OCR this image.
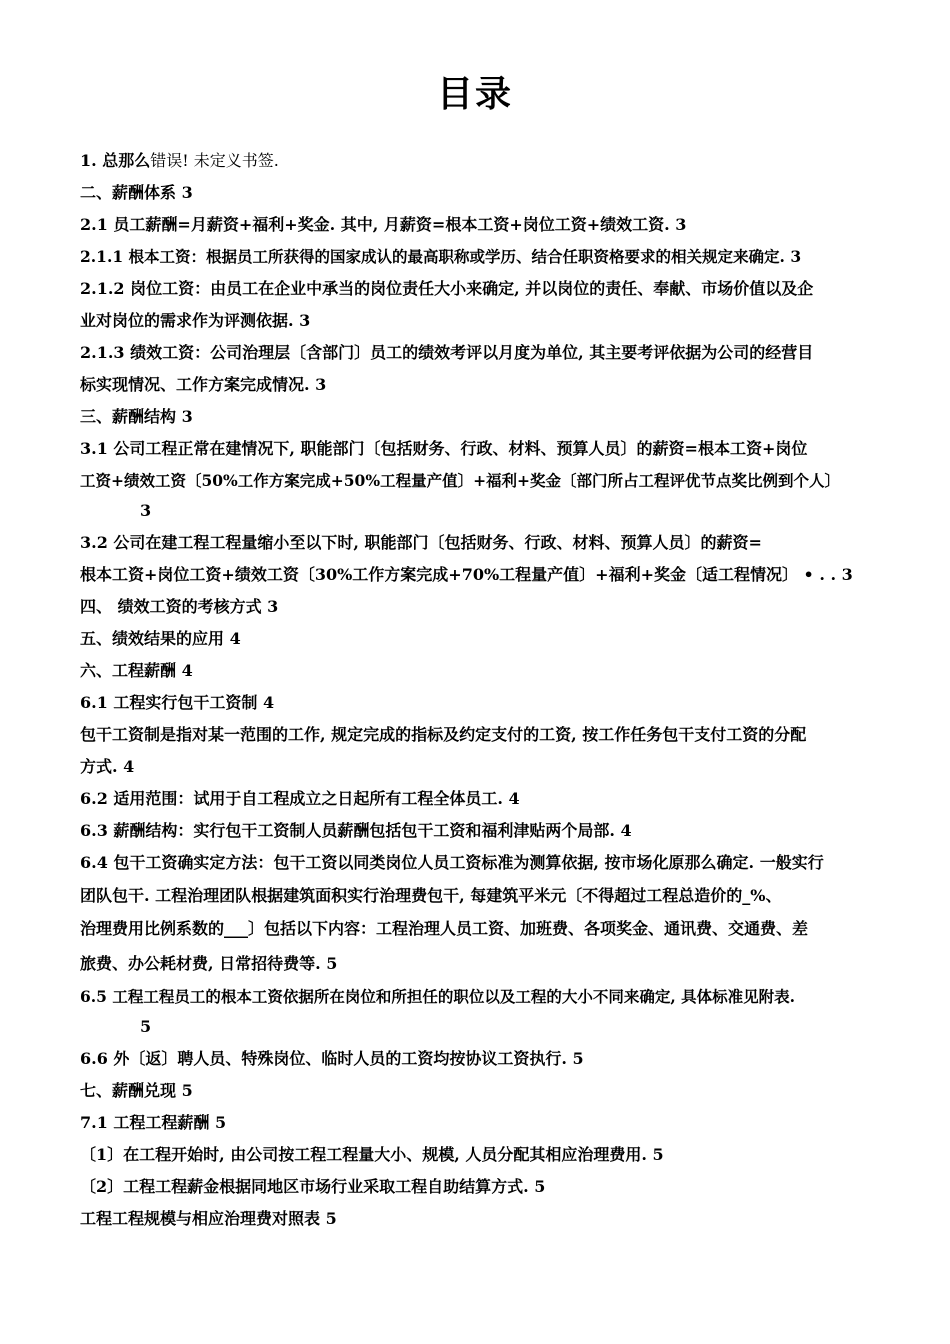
目录
1. 总那么错误! 未定义书签.
二、薪酬体系 3
2.1 员工薪酬=月薪资+福利+奖金. 其中, 月薪资=根本工资+岗位工资+绩效工资. 3
2.1.1 根本工资：根据员工所获得的国家成认的最高职称或学历、结合任职资格要求的相关规定来确定. 3
2.1.2 岗位工资：由员工在企业中承当的岗位责任大小来确定, 并以岗位的责任、奉献、市场价值以及企
业对岗位的需求作为评测依据. 3
2.1.3 绩效工资：公司治理层〔含部门〕员工的绩效考评以月度为单位, 其主要考评依据为公司的经营目
标实现情况、工作方案完成情况. 3
三、薪酬结构 3
3.1 公司工程正常在建情况下, 职能部门〔包括财务、行政、材料、预算人员〕的薪资=根本工资+岗位
工资+绩效工资〔50%工作方案完成+50%工程量产值〕+福利+奖金〔部门所占工程评优节点奖比例到个人〕
3
3.2 公司在建工程工程量缩小至以下时, 职能部门〔包括财务、行政、材料、预算人员〕的薪资=
根本工资+岗位工资+绩效工资〔30%工作方案完成+70%工程量产值〕+福利+奖金〔适工程情况〕 • . . 3
四、 绩效工资的考核方式 3
五、绩效结果的应用 4
六、工程薪酬 4
6.1 工程实行包干工资制 4
包干工资制是指对某一范围的工作, 规定完成的指标及约定支付的工资, 按工作任务包干支付工资的分配
方式. 4
6.2 适用范围：试用于自工程成立之日起所有工程全体员工. 4
6.3 薪酬结构：实行包干工资制人员薪酬包括包干工资和福利津贴两个局部. 4
6.4 包干工资确实定方法：包干工资以同类岗位人员工资标准为测算依据, 按市场化原那么确定. 一般实行
团队包干. 工程治理团队根据建筑面积实行治理费包干, 每建筑平米元〔不得超过工程总造价的_%、
治理费用比例系数的___〕包括以下内容：工程治理人员工资、加班费、各项奖金、通讯费、交通费、差
旅费、办公耗材费, 日常招待费等. 5
6.5 工程工程员工的根本工资依据所在岗位和所担任的职位以及工程的大小不同来确定, 具体标准见附表.
5
6.6 外〔返〕聘人员、特殊岗位、临时人员的工资均按协议工资执行. 5
七、薪酬兑现 5
7.1 工程工程薪酬 5
〔1〕在工程开始时, 由公司按工程工程量大小、规模, 人员分配其相应治理费用. 5
〔2〕工程工程薪金根据同地区市场行业采取工程自助结算方式. 5
工程工程规模与相应治理费对照表 5
